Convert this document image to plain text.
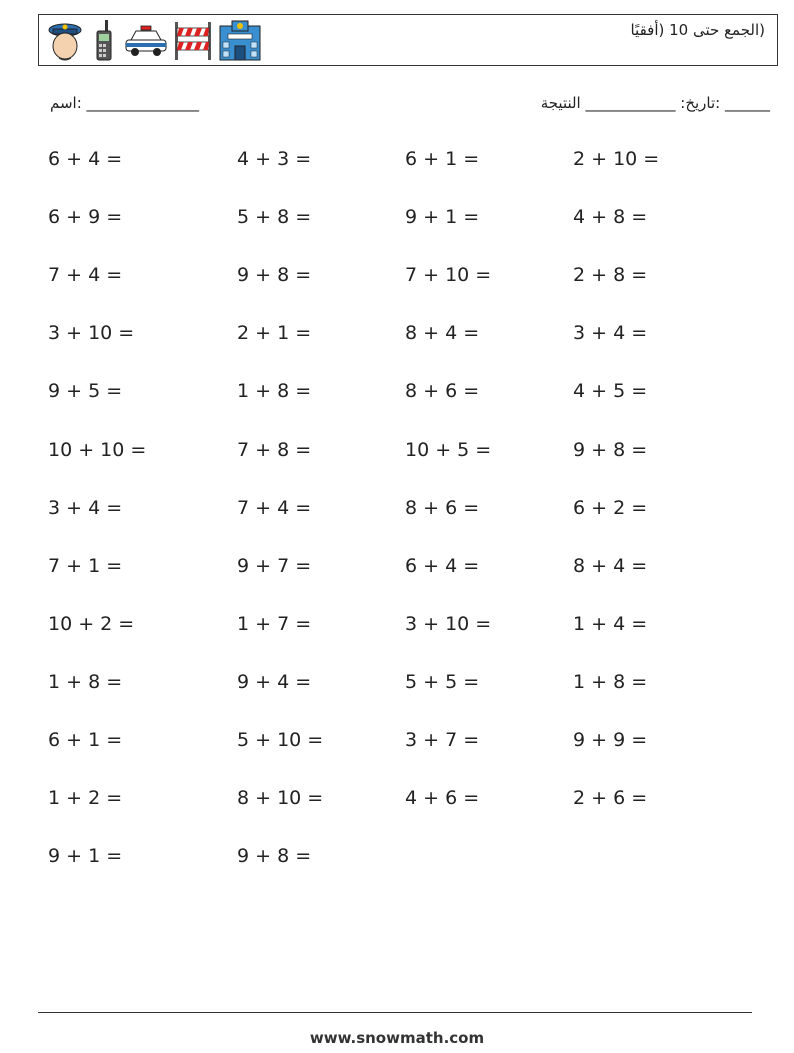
(الجمع حتى 10 (أفقيًا
اسم: _______________	______ :تاريخ: ____________ النتيجة
6 + 4 =	4 + 3 =	6 + 1 =	2 + 10 =
6 + 9 =	5 + 8 =	9 + 1 =	4 + 8 =
7 + 4 =	9 + 8 =	7 + 10 =	2 + 8 =
3 + 10 =	2 + 1 =	8 + 4 =	3 + 4 =
9 + 5 =	1 + 8 =	8 + 6 =	4 + 5 =
10 + 10 =	7 + 8 =	10 + 5 =	9 + 8 =
3 + 4 =	7 + 4 =	8 + 6 =	6 + 2 =
7 + 1 =	9 + 7 =	6 + 4 =	8 + 4 =
10 + 2 =	1 + 7 =	3 + 10 =	1 + 4 =
1 + 8 =	9 + 4 =	5 + 5 =	1 + 8 =
6 + 1 =	5 + 10 =	3 + 7 =	9 + 9 =
1 + 2 =	8 + 10 =	4 + 6 =	2 + 6 =
9 + 1 =	9 + 8 =
www.snowmath.com
